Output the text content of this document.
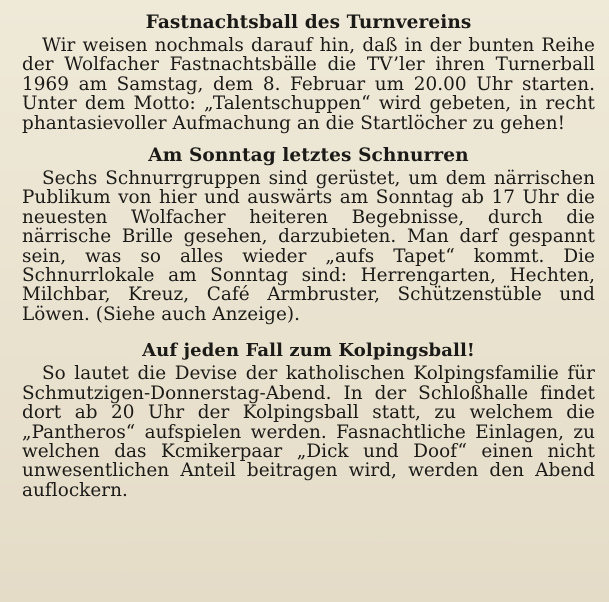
Fastnachtsball des Turnvereins

Wir weisen nochmals darauf hin, daß in der bunten Reihe der Wolfacher Fastnachtsbälle die TV’ler ihren Turnerball 1969 am Samstag, dem 8. Februar um 20.00 Uhr starten. Unter dem Motto: „Talentschuppen“ wird gebeten, in recht phantasievoller Aufmachung an die Startlöcher zu gehen!

Am Sonntag letztes Schnurren

Sechs Schnurrgruppen sind gerüstet, um dem närrischen Publikum von hier und auswärts am Sonntag ab 17 Uhr die neuesten Wolfacher heiteren Begebnisse, durch die närrische Brille gesehen, darzubieten. Man darf gespannt sein, was so alles wieder „aufs Tapet“ kommt. Die Schnurrlokale am Sonntag sind: Herrengarten, Hechten, Milchbar, Kreuz, Café Armbruster, Schützenstüble und Löwen. (Siehe auch Anzeige).

Auf jeden Fall zum Kolpingsball!

So lautet die Devise der katholischen Kolpingsfamilie für Schmutzigen-Donnerstag-Abend. In der Schloßhalle findet dort ab 20 Uhr der Kolpingsball statt, zu welchem die „Pantheros“ aufspielen werden. Fasnachtliche Einlagen, zu welchen das Kcmikerpaar „Dick und Doof“ einen nicht unwesentlichen Anteil beitragen wird, werden den Abend auflockern.
